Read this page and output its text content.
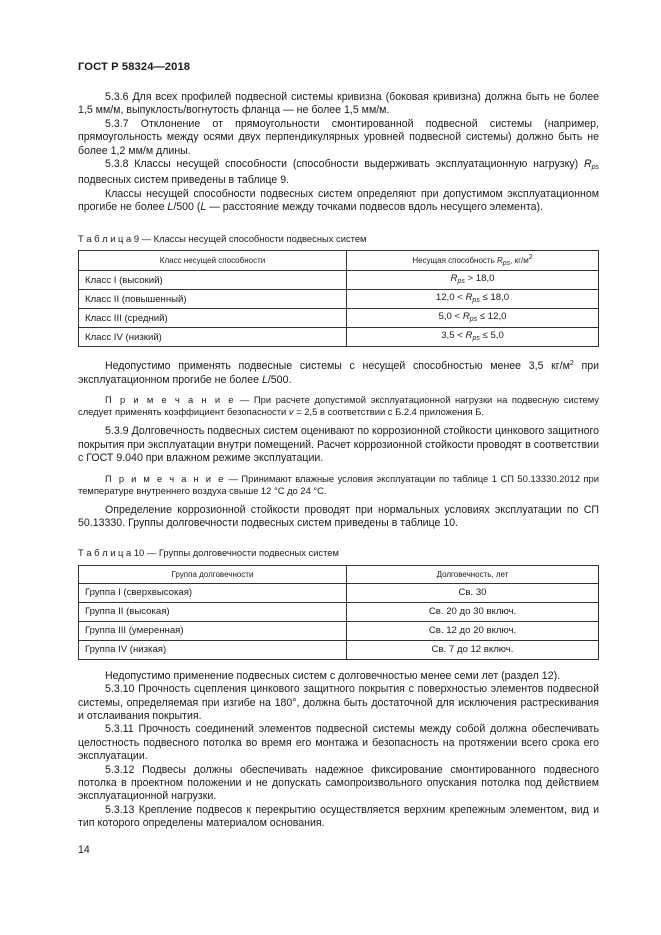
ГОСТ Р 58324—2018

5.3.6 Для всех профилей подвесной системы кривизна (боковая кривизна) должна быть не более 1,5 мм/м, выпуклость/вогнутость фланца — не более 1,5 мм/м.

5.3.7 Отклонение от прямоугольности смонтированной подвесной системы (например, прямоугольность между осями двух перпендикулярных уровней подвесной системы) должно быть не более 1,2 мм/м длины.

5.3.8 Классы несущей способности (способности выдерживать эксплуатационную нагрузку) $R_{ps}$ подвесных систем приведены в таблице 9.

Классы несущей способности подвесных систем определяют при допустимом эксплуатационном прогибе не более L/500 (L — расстояние между точками подвесов вдоль несущего элемента).

Т а б л и ц а 9 — Классы несущей способности подвесных систем
Класс несущей способности	Несущая способность $R_{ps}$, $кг/м^2$
Класс I (высокий)	$R_{ps} > 18,0$
Класс II (повышенный)	$12,0 < R_{ps} \le 18,0$
Класс III (средний)	$5,0 < R_{ps} \le 12,0$
Класс IV (низкий)	$3,5 < R_{ps} \le 5,0$

Недопустимо применять подвесные системы с несущей способностью менее 3,5 $кг/м^2$ при эксплуатационном прогибе не более L/500.

П р и м е ч а н и е — При расчете допустимой эксплуатационной нагрузки на подвесную систему следует применять коэффициент безопасности v = 2,5 в соответствии с Б.2.4 приложения Б.

5.3.9 Долговечность подвесных систем оценивают по коррозионной стойкости цинкового защитного покрытия при эксплуатации внутри помещений. Расчет коррозионной стойкости проводят в соответствии с ГОСТ 9.040 при влажном режиме эксплуатации.

П р и м е ч а н и е — Принимают влажные условия эксплуатации по таблице 1 СП 50.13330.2012 при температуре внутреннего воздуха свыше 12 °С до 24 °С.

Определение коррозионной стойкости проводят при нормальных условиях эксплуатации по СП 50.13330. Группы долговечности подвесных систем приведены в таблице 10.

Т а б л и ц а 10 — Группы долговечности подвесных систем
Группа долговечности	Долговечность, лет
Группа I (сверхвысокая)	Св. 30
Группа II (высокая)	Св. 20 до 30 включ.
Группа III (умеренная)	Св. 12 до 20 включ.
Группа IV (низкая)	Св. 7 до 12 включ.

Недопустимо применение подвесных систем с долговечностью менее семи лет (раздел 12).

5.3.10 Прочность сцепления цинкового защитного покрытия с поверхностью элементов подвесной системы, определяемая при изгибе на 180°, должна быть достаточной для исключения растрескивания и отслаивания покрытия.

5.3.11 Прочность соединений элементов подвесной системы между собой должна обеспечивать целостность подвесного потолка во время его монтажа и безопасность на протяжении всего срока его эксплуатации.

5.3.12 Подвесы должны обеспечивать надежное фиксирование смонтированного подвесного потолка в проектном положении и не допускать самопроизвольного опускания потолка под действием эксплуатационной нагрузки.

5.3.13 Крепление подвесов к перекрытию осуществляется верхним крепежным элементом, вид и тип которого определены материалом основания.

14
